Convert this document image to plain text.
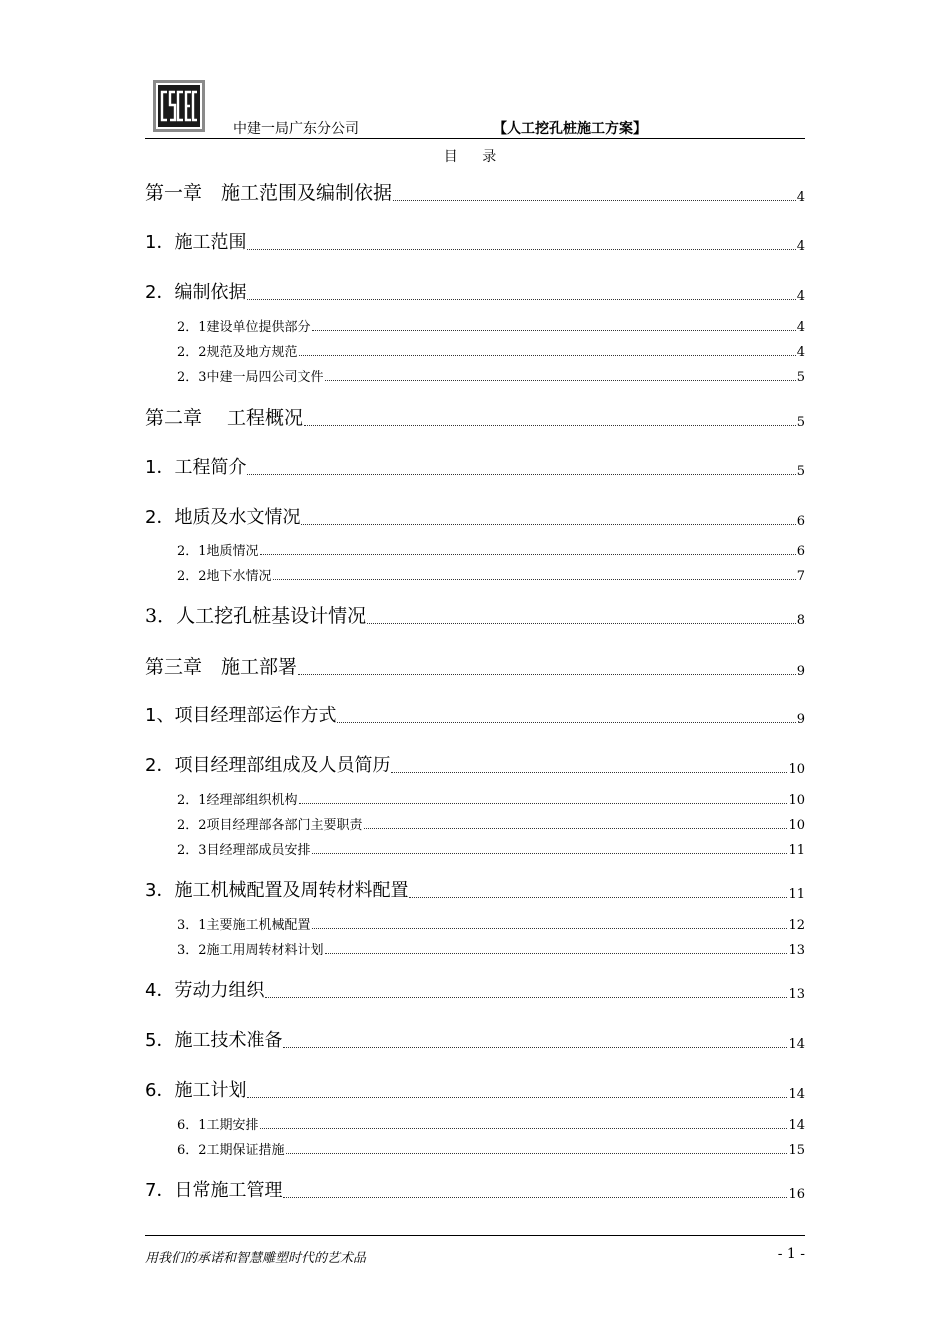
中建一局广东分公司	【人工挖孔桩施工方案】
目 录
第一章　施工范围及编制依据	4
1．施工范围	4
2．编制依据	4
2．1建设单位提供部分	4
2．2规范及地方规范	4
2．3中建一局四公司文件	5
第二章　 工程概况	5
1．工程简介	5
2．地质及水文情况	6
2．1地质情况	6
2．2地下水情况	7
3．人工挖孔桩基设计情况	8
第三章　施工部署	9
1、项目经理部运作方式	9
2．项目经理部组成及人员简历	10
2．1经理部组织机构	10
2．2项目经理部各部门主要职责	10
2．3目经理部成员安排	11
3．施工机械配置及周转材料配置	11
3．1主要施工机械配置	12
3．2施工用周转材料计划	13
4．劳动力组织	13
5．施工技术准备	14
6．施工计划	14
6．1工期安排	14
6．2工期保证措施	15
7．日常施工管理	16
用我们的承诺和智慧雕塑时代的艺术品	- 1 -
